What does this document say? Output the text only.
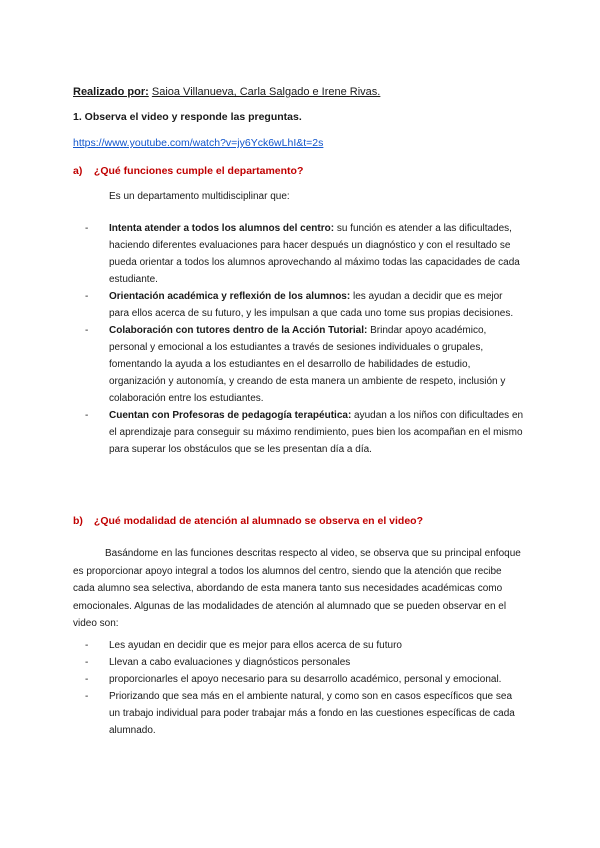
Realizado por: Saioa Villanueva, Carla Salgado e Irene Rivas.
1. Observa el video y responde las preguntas.
https://www.youtube.com/watch?v=jy6Yck6wLhI&t=2s
a) ¿Qué funciones cumple el departamento?
Es un departamento multidisciplinar que:
- Intenta atender a todos los alumnos del centro: su función es atender a las dificultades, haciendo diferentes evaluaciones para hacer después un diagnóstico y con el resultado se pueda orientar a todos los alumnos aprovechando al máximo todas las capacidades de cada estudiante.
- Orientación académica y reflexión de los alumnos: les ayudan a decidir que es mejor para ellos acerca de su futuro, y les impulsan a que cada uno tome sus propias decisiones.
- Colaboración con tutores dentro de la Acción Tutorial: Brindar apoyo académico, personal y emocional a los estudiantes a través de sesiones individuales o grupales, fomentando la ayuda a los estudiantes en el desarrollo de habilidades de estudio, organización y autonomía, y creando de esta manera un ambiente de respeto, inclusión y colaboración entre los estudiantes.
- Cuentan con Profesoras de pedagogía terapéutica: ayudan a los niños con dificultades en el aprendizaje para conseguir su máximo rendimiento, pues bien los acompañan en el mismo para superar los obstáculos que se les presentan día a día.
b) ¿Qué modalidad de atención al alumnado se observa en el video?
Basándome en las funciones descritas respecto al video, se observa que su principal enfoque es proporcionar apoyo integral a todos los alumnos del centro, siendo que la atención que recibe cada alumno sea selectiva, abordando de esta manera tanto sus necesidades académicas como emocionales. Algunas de las modalidades de atención al alumnado que se pueden observar en el video son:
- Les ayudan en decidir que es mejor para ellos acerca de su futuro
- Llevan a cabo evaluaciones y diagnósticos personales
- proporcionarles el apoyo necesario para su desarrollo académico, personal y emocional.
- Priorizando que sea más en el ambiente natural, y como son en casos específicos que sea un trabajo individual para poder trabajar más a fondo en las cuestiones específicas de cada alumnado.
